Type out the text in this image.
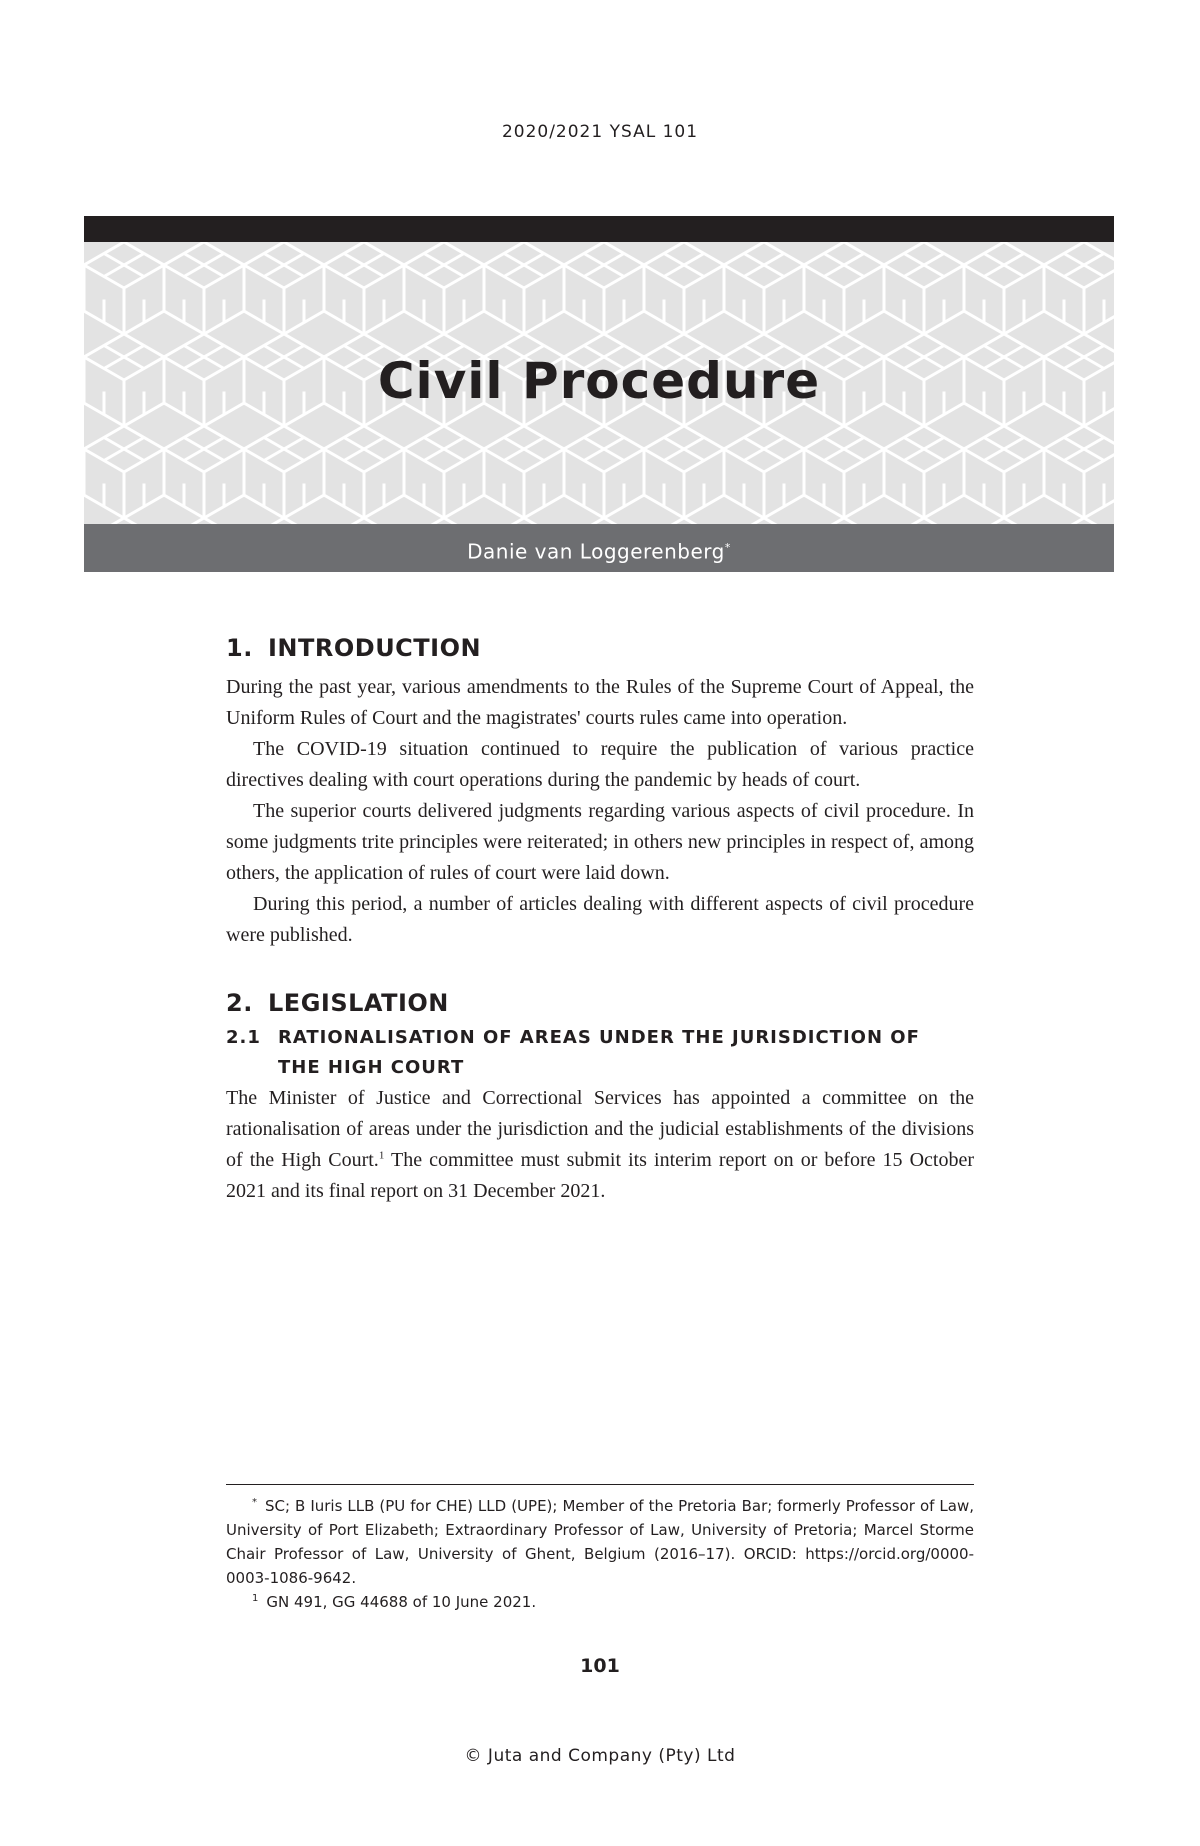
2020/2021 YSAL 101
Civil Procedure
Danie van Loggerenberg*
1. INTRODUCTION

During the past year, various amendments to the Rules of the Supreme Court of Appeal, the Uniform Rules of Court and the magistrates' courts rules came into operation.

The COVID-19 situation continued to require the publication of various practice directives dealing with court operations during the pandemic by heads of court.

The superior courts delivered judgments regarding various aspects of civil procedure. In some judgments trite principles were reiterated; in others new principles in respect of, among others, the application of rules of court were laid down.

During this period, a number of articles dealing with different aspects of civil procedure were published.

2. LEGISLATION
2.1 RATIONALISATION OF AREAS UNDER THE JURISDICTION OF
THE HIGH COURT

The Minister of Justice and Correctional Services has appointed a committee on the rationalisation of areas under the jurisdiction and the judicial establishments of the divisions of the High Court.$^1$ The committee must submit its interim report on or before 15 October 2021 and its final report on 31 December 2021.

* SC; B Iuris LLB (PU for CHE) LLD (UPE); Member of the Pretoria Bar; formerly Professor of Law, University of Port Elizabeth; Extraordinary Professor of Law, University of Pretoria; Marcel Storme Chair Professor of Law, University of Ghent, Belgium (2016–17). ORCID: https://orcid.org/0000-0003-1086-9642.
$^1$ GN 491, GG 44688 of 10 June 2021.
101
© Juta and Company (Pty) Ltd
